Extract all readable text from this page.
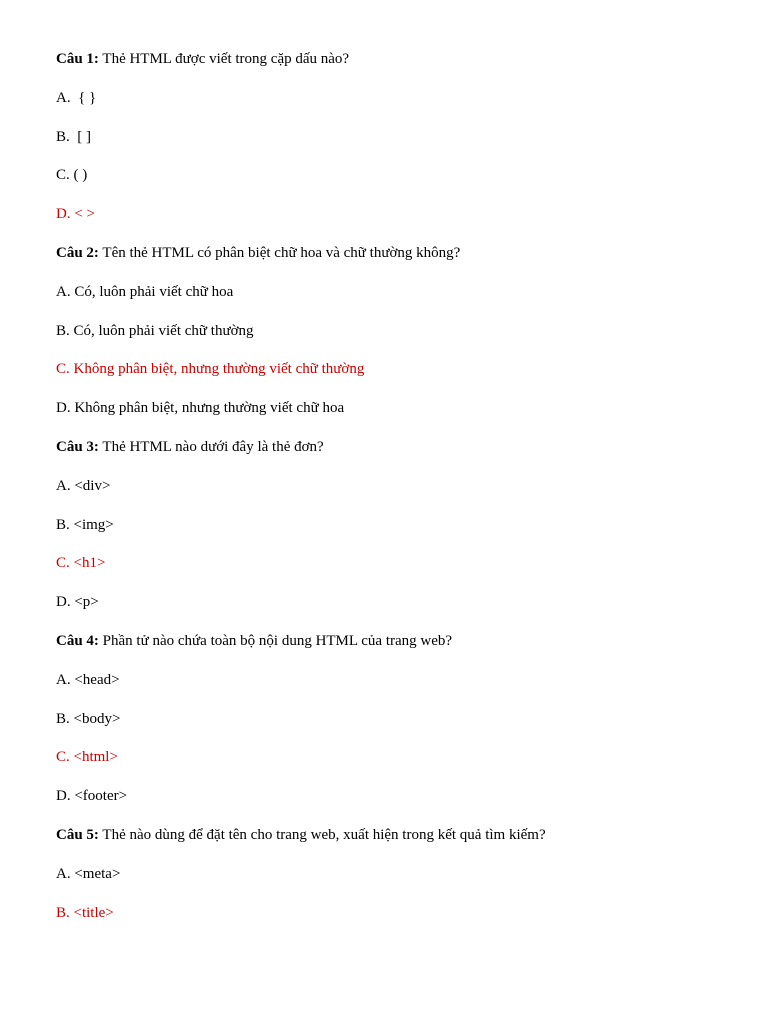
Câu 1: Thẻ HTML được viết trong cặp dấu nào?
A.  { }
B.  [ ]
C. ( )
D. < >
Câu 2: Tên thẻ HTML có phân biệt chữ hoa và chữ thường không?
A. Có, luôn phải viết chữ hoa
B. Có, luôn phải viết chữ thường
C. Không phân biệt, nhưng thường viết chữ thường
D. Không phân biệt, nhưng thường viết chữ hoa
Câu 3: Thẻ HTML nào dưới đây là thẻ đơn?
A. <div>
B. <img>
C. <h1>
D. <p>
Câu 4: Phần tử nào chứa toàn bộ nội dung HTML của trang web?
A. <head>
B. <body>
C. <html>
D. <footer>
Câu 5: Thẻ nào dùng để đặt tên cho trang web, xuất hiện trong kết quả tìm kiếm?
A. <meta>
B. <title>
